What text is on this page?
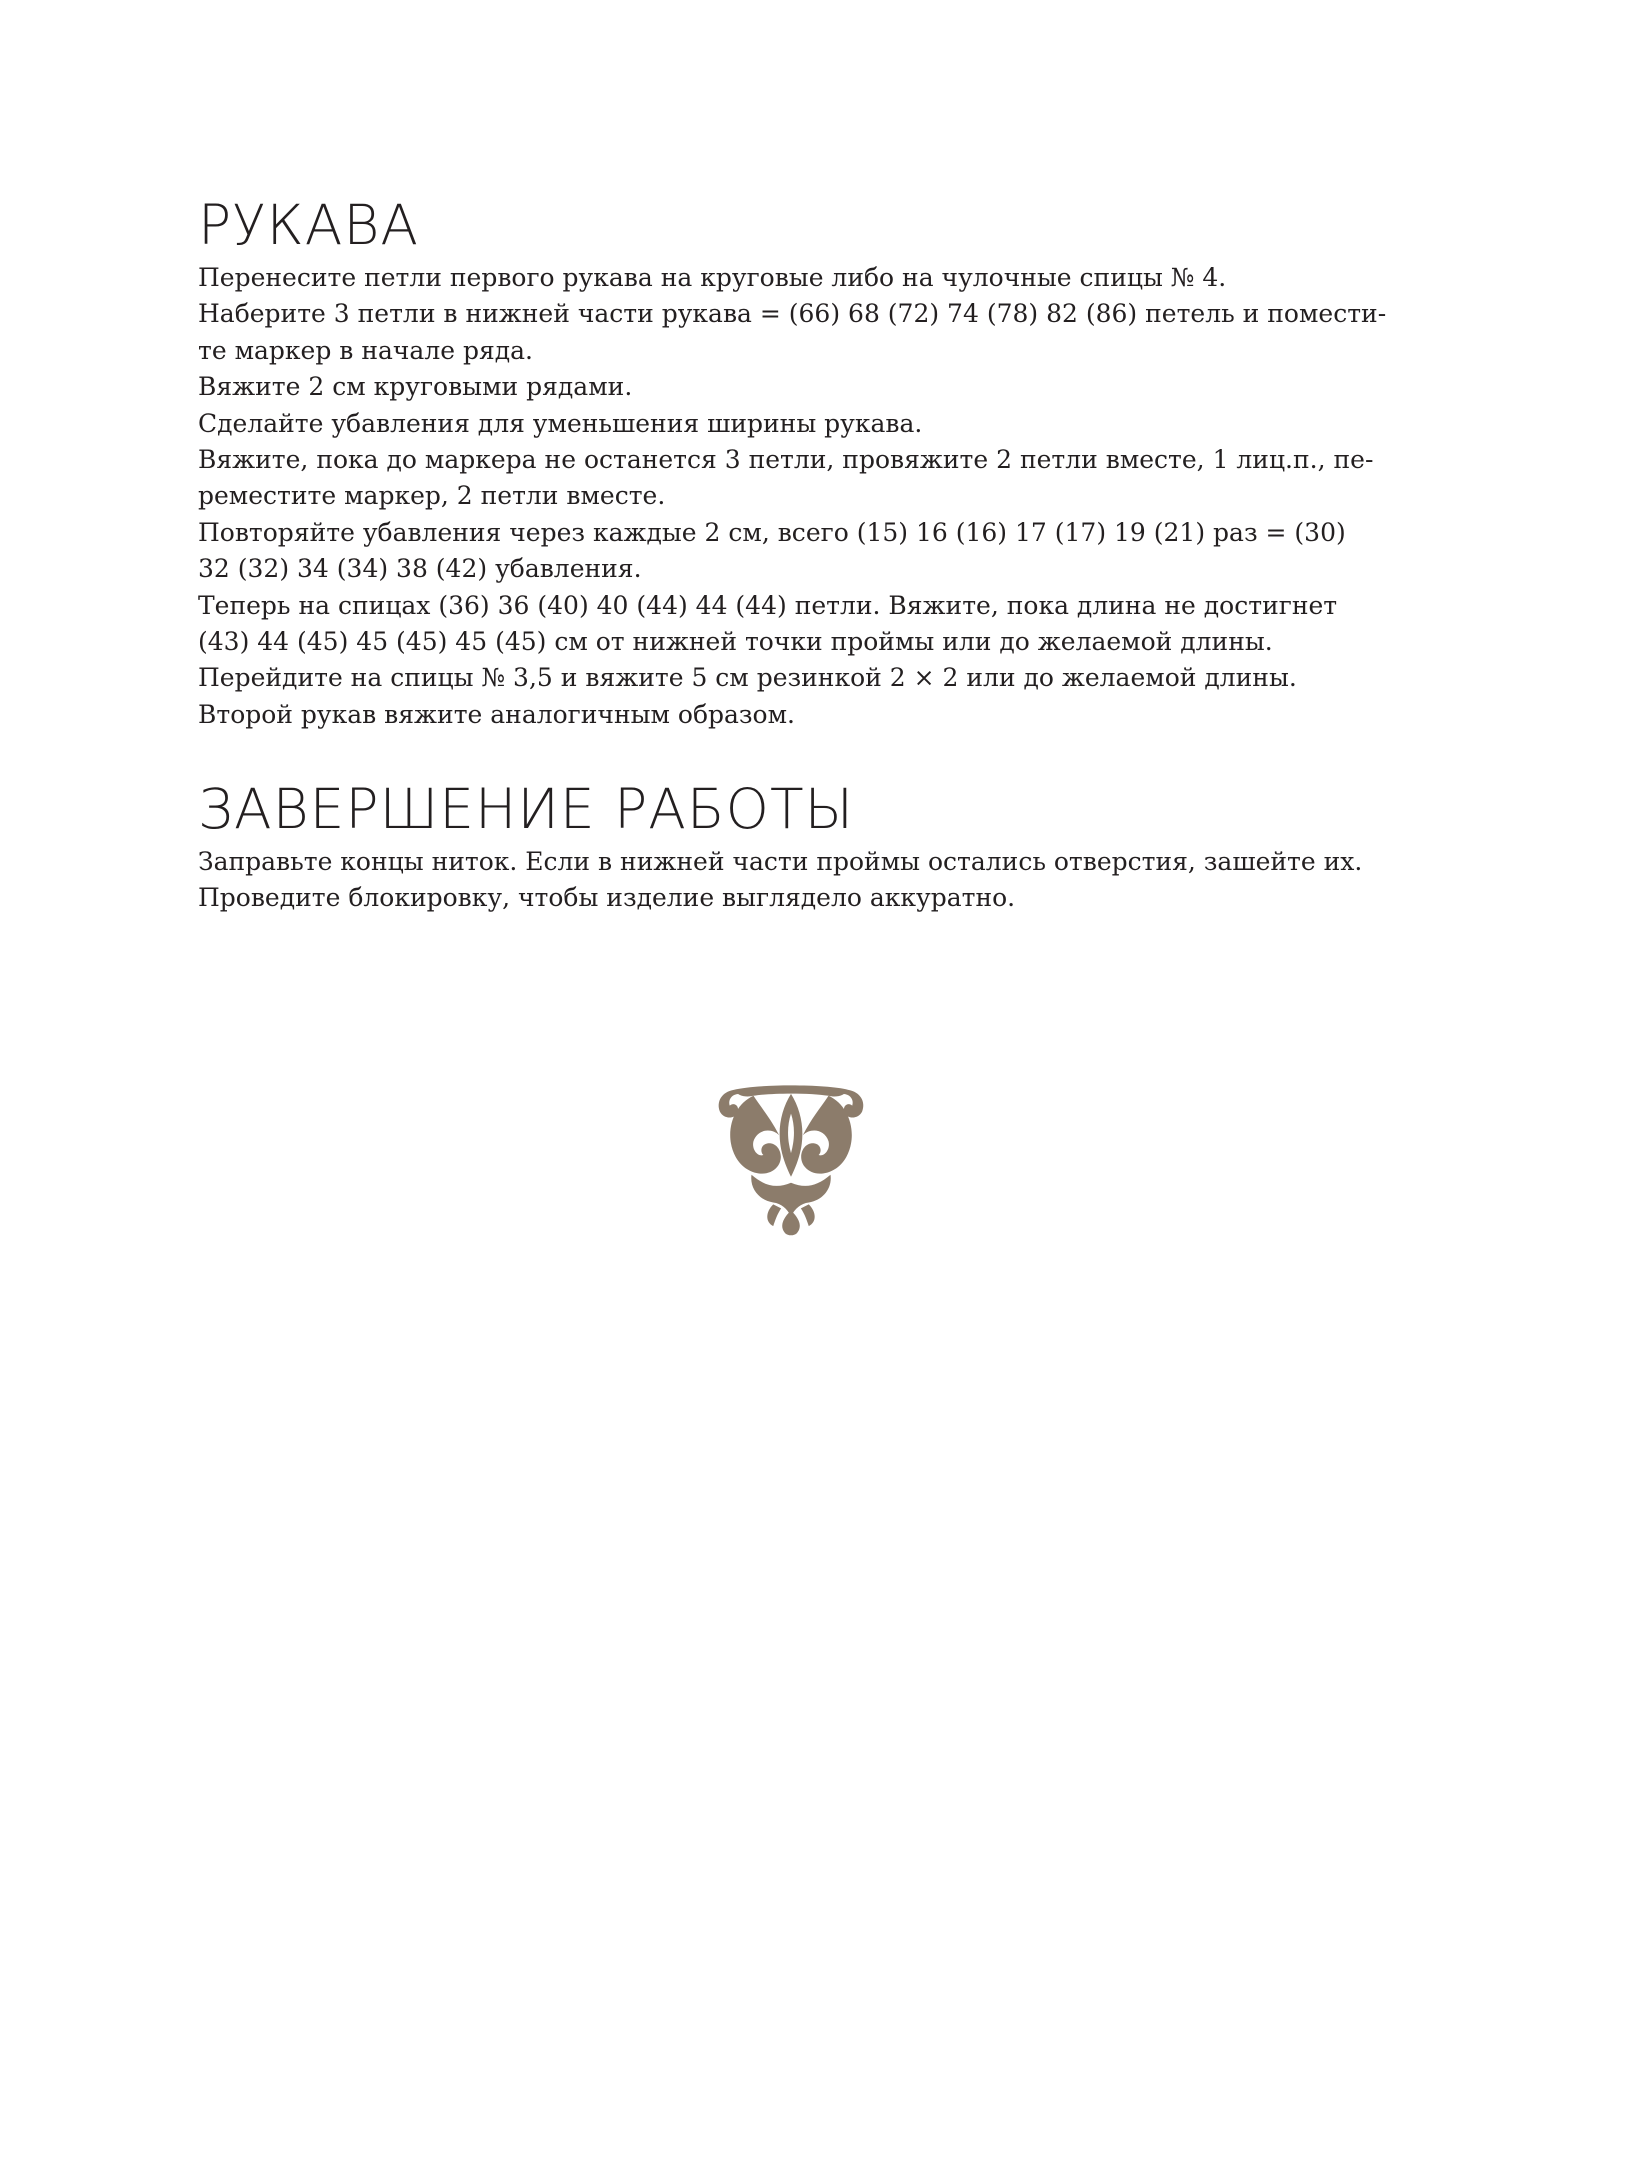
РУКАВА

Перенесите петли первого рукава на круговые либо на чулочные спицы № 4.
Наберите 3 петли в нижней части рукава = (66) 68 (72) 74 (78) 82 (86) петель и помести-
те маркер в начале ряда.
Вяжите 2 см круговыми рядами.
Сделайте убавления для уменьшения ширины рукава.
Вяжите, пока до маркера не останется 3 петли, провяжите 2 петли вместе, 1 лиц.п., пе-
реместите маркер, 2 петли вместе.
Повторяйте убавления через каждые 2 см, всего (15) 16 (16) 17 (17) 19 (21) раз = (30)
32 (32) 34 (34) 38 (42) убавления.
Теперь на спицах (36) 36 (40) 40 (44) 44 (44) петли. Вяжите, пока длина не достигнет
(43) 44 (45) 45 (45) 45 (45) см от нижней точки проймы или до желаемой длины.
Перейдите на спицы № 3,5 и вяжите 5 см резинкой 2 × 2 или до желаемой длины.
Второй рукав вяжите аналогичным образом.

ЗАВЕРШЕНИЕ РАБОТЫ

Заправьте концы ниток. Если в нижней части проймы остались отверстия, зашейте их.
Проведите блокировку, чтобы изделие выглядело аккуратно.
